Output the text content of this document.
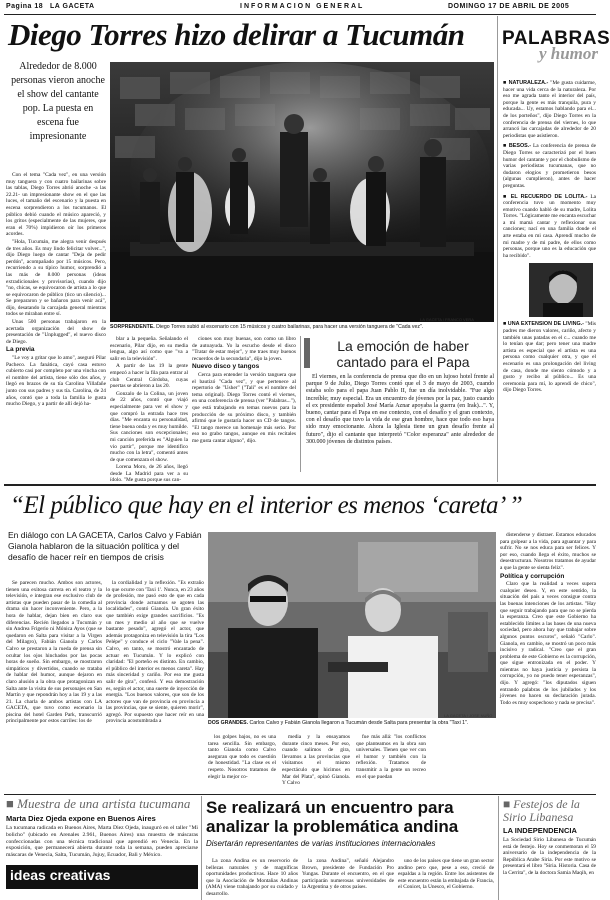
Pagina 18 LA GACETA	INFORMACION GENERAL	DOMINGO 17 DE ABRIL DE 2005
Diego Torres hizo delirar a Tucumán
Alrededor de 8.000 personas vieron anoche el show del cantante pop. La puesta en escena fue impresionante

Con el tema "Cada vez", en una versión muy tanguera y con cuatro bailarinas sobre las tablas, Diego Torres abrió anoche -a las 22.21- un impresionante show en el que las luces, el tamaño del escenario y la puesta en escena sorprendieron a los tucumanos. El público debió cuando el músico apareció, y los gritos (especialmente de las mujeres, que eran el 70%) impidieron oír los primeros acordes.

"Hola, Tucumán, me alegra venir después de tres años. Es muy lindo felicitar volver...", dijo Diego luego de cantar "Deja de pedir perdón", acompañado por 15 músicos. Pero, recurriendo a su típico humor, sorprendió a las más de 8.000 personas (ideas extradicionales y provisorias), cuando dijo "no, chicas, se equivocaron de artista a lo que se equivocaron de público (tico un silencio)... Se prepararon y se bañaron para venir acá", dijo, desatando la carcajada general mientras todos se miraban entre sí.

Unas 500 personas trabajaron en la acertada organización del show de presentación de "Unplugged", el nuevo disco de Diego.

La previa

"Le voy a gritar que lo amo", aseguró Pilar Pacheco. La fanática, cayó casa estuvo cubierto casi por completo por una vincha con el nombre del artista, tiene sólo dos años, y llegó en brazos de su tía Carolina Villafañe junto con sus padres y sus tía. Carolina, de 24 años, contó que a toda la familia le gusta mucho Diego, y a partir de allí dejó ha-

LA GACETA / FRANCO VERA
SORPRENDENTE. Diego Torres subió al escenario con 15 músicos y cuatro bailarinas, para hacer una versión tanguera de "Cada vez".

blar a la pequeña. Señalando el escenario, Pilar dijo, en su media lengua, algo así como que "va a salir en la televisión".

A partir de las 19 la gente empezó a hacer la fila para entrar al club Central Córdoba, cuyas puertas se abrieron a las 20.

Gonzalo de la Colina, un joven de 22 años, contó que viajó especialmente para ver el show y que compró la entrada hace tres días. "Me encanta su personalidad, tiene buena onda y es muy humilde. Sus canciones son excepcionales; mi canción preferida es "Alguien la vio partir", porque me identifico mucho con la letra", comentó antes de que comenzara el show.

Lorena Moro, de 26 años, llegó desde La Madrid para ver a su ídolo. "Me gusta porque sus can-

ciones son muy buenas, son como un libro de autoayuda. Yo la escucho desde el disco "Tratar de estar mejor", y me traes muy buenos recuerdos de la secundaria", dijo la joven.

Nuevo disco y tangos

Cerca para entender la versión tanguera que el bautizó "Cada vez", y que pertenece al repertorio de "Usher" ("Tali" es el nombre del tema original). Diego Torres contó el viernes, en una conferencia de prensa (ver "Palabras..."), que está trabajando en temas nuevos para la producción de su próximo disco, y también afirmó que le gustaría hacer un CD de tangos. "El tango merece un homenaje más serio. Por eso no grabo tangos, aunque en mis recitales me gusta cantar alguno", dijo.

La emoción de haber cantado para el Papa

El viernes, en la conferencia de prensa que dio en un lujoso hotel frente al parque 9 de Julio, Diego Torres contó que el 3 de mayo de 2003, cuando estaba solo para el papa Juan Pablo II, fue un día inolvidable. "Fue algo increíble; muy especial. Era un encuentro de jóvenes por la paz, justo cuando el ex presidente español José María Aznar apoyaba la guerra (en Irak)...". Y, bueno, cantar para el Papa en ese contexto, con el desafío y el gran contexto, con el desafío que tuvo la vida de ese gran hombre, hace que todo eso haya sido muy emocionante. Ahora la Iglesia tiene un gran desafío frente al futuro", dijo el cantante que interpretó "Color esperanza" ante alrededor de 300.000 jóvenes de distintos países.

PALABRAS
y humor

■ NATURALEZA.- "Me gusta cuidarme, hacer una vida cerca de la naturaleza. Por eso me agrada tanto el interior del país, porque la gente es más tranquila, pura y educada... Uy, estamos hablando para el... de los porteños", dijo Diego Torres en la conferencia de prensa del viernes, lo que arrancó las carcajadas de alrededor de 20 periodistas que asistieron.

■ BESOS.- La conferencia de prensa de Diego Torres se caracterizó por el buen humor del cantante y por el chobulismo de varias periodistas tucumanas, que no dudaron elogios y prometieron besos (algunas cumplieron), antes de hacer preguntas.

■ EL RECUERDO DE LOLITA.- La conferencia tuvo un momento muy emotivo cuando habló de su madre, Lolita Torres. "Lógicamente me encanta escuchar a mi mamá cantar y reflexionar sus canciones; nací en una familia donde el arte estaba en mi casa. Aprendí mucho de mi madre y de mi padre, de ellos como personas, porque uno es la educación que ha recibido".

■ UNA EXTENSION DE LIVING.- "Mis padres me dieron valores, cariño, afecto y también unas patadas en el c... cuando me lo tenían que dar; pero tener una madre artista es especial que el artista es una persona como cualquier otra, y que el escenario es una prolongación del living de casa, donde me siento cómodo y a gusto y recibo al público... Es una ceremonia para mí, lo aprendí de chico", dijo Diego Torres.

“El público que hay en el interior es menos ‘careta’ ”
En diálogo con LA GACETA, Carlos Calvo y Fabián Gianola hablaron de la situación política y del desafío de hacer reír en tiempos de crisis

Se parecen mucho. Ambos son actores, tienen una exitosa carrera en el teatro y la televisión, e integran ese exclusivo club de artistas que pueden pasar de la comedia al drama sin hacer inconveniente. Pero, a la hora de hablar, dejan bien en claro sus diferencias. Recién llegados a Tucumán y sin Andrea Frigerio ni Mónica Ayos (que se quedaron en Salta para visitar a la Virgen del Milagro), Fabián Gianola y Carlos Calvo se prestaron a la rueda de prensa sin ocultar los ojos hinchados por las pocas horas de sueño. Sin embargo, se mostraron simpáticos y divertidos, cuando se trataba de hablar del humor, aunque dejaron en claro alusión a la obra que protagonizan en Salta ante la visita de sus personajes en San Martín y que repondrán hoy a las 19 y a las 21. La charla de ambos artistas con LA GACETA, que tuvo como escenario la piscina del hotel Garden Park, transcurrió principalmente por estos carriles: los de

la cordialidad y la reflexión. "Es extraño lo que ocurre con 'Taxi 1'. Nunca, en 23 años de profesión, me pasó esto de que en cada provincia donde actuamos se agoten las localidades", contó Gianola. Un gran éxito que también exige grandes sacrificios. "Es un mes y medio al año que se vuelve bastante pesado", agregó el actor, que además protagoniza en televisión la tira "Los Pelépe" y conduce el ciclo "Vale la pena". Calvo, en tanto, se mostró encantado de actuar en Tucumán. Y lo explicó con claridad: "El porteño es distinto. En cambio, el público del interior es menos careta". Hay más sinceridad y cariño. Por eso me gusta salir de gira", confesó. Y esa demostración es, según el actor, una suerte de inyección de energía. "Los buenos valores, que son de los actores que van de provincia en provincia a las provincias, que se siente, quieren morir", agregó. Por supuesto que hacer reír en una provincia acostumbrada a

LA GACETA / JOSE NUÑO
DOS GRANDES. Carlos Calvo y Fabián Gianola llegaron a Tucumán desde Salta para presentar la obra "Taxi 1".

los golpes bajos, no es una tarea sencilla. Sin embargo, tanto Gianola como Calvo aseguran que todo es cuestión de honestidad. "La clase es el respeto. Nosotros tratamos de elegir la mejor co-

media y la ensayamos durante cinco meses. Por eso, cuando salimos de gira, llevamos a las provincias que visitamos el mismo espectáculo que hicimos en Mar del Plata", opinó Gianola. Y Calvo

fue más allá: "los conflictos que planteamos en la obra son universales. Tienen que ver con el humor y también con la reflexión. Tratamos de transmitir a la gente un recreo en el que puedan

distenderse y distraer. Estamos educados para golpear a la vida, para aguantar y para sufrir. No se nos educa para ser felices. Y por eso, cuando llega el éxito, muchos se desestructuran. Nosotros tratamos de ayudar a que la gente se sienta feliz".

Política y corrupción

Claro que la realidad a veces supera cualquier deseo. Y, en este sentido, la situación del país a veces consigue contra las buenas intenciones de los artistas. "Hay que seguir trabajando para que no se pierda la esperanza. Creo que este Gobierno ha establecido límites a las bases de una nueva sociedad, pero ahora hay que trabajar sobre algunos puntos oscuros", señaló "Carlo". Gianola, en cambio, se mostró un poco más incisivo y radical. "Creo que el gran problema de este Gobierno es la corrupción, que sigue entronizada en el poder. Y mientras no haya justicia y persista la corrupción, yo no puedo tener esperanzas", dijo. Y agregó: "los diputados siguen entrando palabras de los jubilados y los jóvenes no hacen su declaración jurada. Todo es muy sospechoso y nada se precisa".

■ Muestra de una artista tucumana
Marta Diez Ojeda expone en Buenos Aires
La tucumana radicada en Buenos Aires, Marta Diez Ojeda, inauguró en el taller "Mi bolicho" (ubicado en Arenales 2.961, Buenos Aires) una muestra de máscaras confeccionadas con una técnica tradicional que aprendió en Venecia. En la exposición, que permanecerá abierta durante toda la semana, pueden apreciarse máscaras de Venecia, Salta, Tucumán, Jujuy, Ecuador, Bali y México.
ideas creativas
Se realizará un encuentro para analizar la problemática andina
Disertarán representantes de varias instituciones internacionales

La zona Andina es un reservorio de bellezas naturales y de magníficas oportunidades productivas. Hace 10 años que la Asociación de Montañas Andinas (AMA) viene trabajando por su cuidado y desarrollo.

la zona Andina", señaló Alejandro Brown, presidente de Fundación Pro Yungas. Durante el encuentro, en el que participarán numerosas universidades de la Argentina y de otros países.

uno de los países que tiene un gran sector andino pero que, pese a eso, creció de espaldas a la región. Entre los asistentes de este encuentro están la embajada de Francia, el Conicet, la Unesco, el Gobierno.

■ Festejos de la Sirio Libanesa
LA INDEPENDENCIA
La Sociedad Sirio Libanesa de Tucumán está de festejo. Hoy se conmemoran el 59 aniversario de la independencia de la República Arabe Siria. Por este motivo se presentará el libro "Siria. Historia. Casa de la Cerrita", de la doctora Samia Maqih, en
